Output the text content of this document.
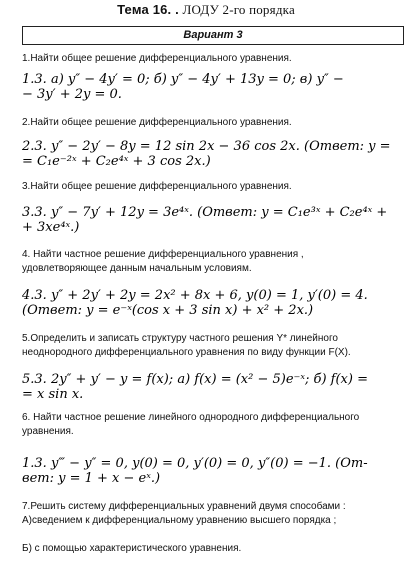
Тема 16. . ЛОДУ 2-го порядка
Вариант 3
1.Найти общее решение дифференциального уравнения.
1.3. а) y″ − 4y′ = 0; б) y″ − 4y′ + 13y = 0; в) y″ −
− 3y′ + 2y = 0.
2.Найти общее решение дифференциального уравнения.
2.3. y″ − 2y′ − 8y = 12 sin 2x − 36 cos 2x. (Ответ: y =
= C₁e⁻²ˣ + C₂e⁴ˣ + 3 cos 2x.)
3.Найти общее решение дифференциального уравнения.
3.3. y″ − 7y′ + 12y = 3e⁴ˣ. (Ответ: y = C₁e³ˣ + C₂e⁴ˣ +
+ 3xe⁴ˣ.)
4. Найти частное решение дифференциального уравнения ,
удовлетворяющее данным начальным условиям.
4.3. y″ + 2y′ + 2y = 2x² + 8x + 6, y(0) = 1, y′(0) = 4.
(Ответ: y = e⁻ˣ(cos x + 3 sin x) + x² + 2x.)
5.Определить и записать структуру частного решения Y* линейного
неоднородного дифференциального уравнения по виду функции F(X).
5.3. 2y″ + y′ − y = f(x); а) f(x) = (x² − 5)e⁻ˣ; б) f(x) =
= x sin x.
6. Найти частное решение линейного однородного дифференциального
уравнения.
1.3. y‴ − y″ = 0, y(0) = 0, y′(0) = 0, y″(0) = −1. (От-
вет: y = 1 + x − eˣ.)
7.Решить систему дифференциальных уравнений двумя способами :
А)сведением к дифференциальному уравнению высшего порядка ;
Б) с помощью характеристического уравнения.
